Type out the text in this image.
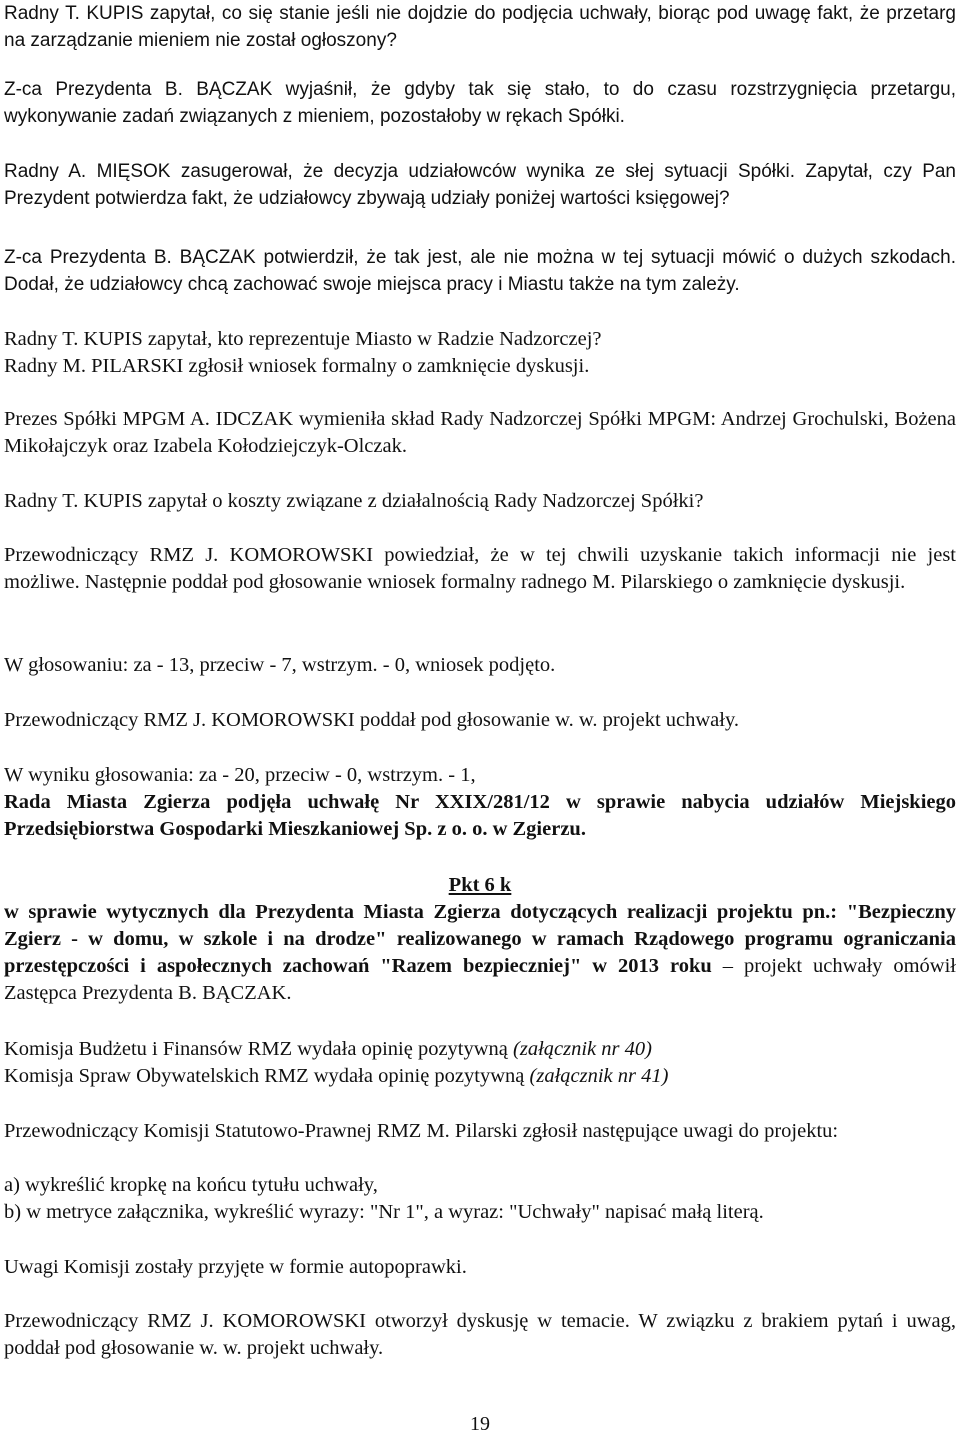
Radny T. KUPIS zapytał, co się stanie jeśli nie dojdzie do podjęcia uchwały, biorąc pod uwagę fakt, że przetarg na zarządzanie mieniem nie został ogłoszony?

Z-ca Prezydenta B. BĄCZAK wyjaśnił, że gdyby tak się stało, to do czasu rozstrzygnięcia przetargu, wykonywanie zadań związanych z mieniem, pozostałoby w rękach Spółki.

Radny A. MIĘSOK zasugerował, że decyzja udziałowców wynika ze słej sytuacji Spółki. Zapytał, czy Pan Prezydent potwierdza fakt, że udziałowcy zbywają udziały poniżej wartości księgowej?

Z-ca Prezydenta B. BĄCZAK potwierdził, że tak jest, ale nie można w tej sytuacji mówić o dużych szkodach. Dodał, że udziałowcy chcą zachować swoje miejsca pracy i Miastu także na tym zależy.

Radny T. KUPIS zapytał, kto reprezentuje Miasto w Radzie Nadzorczej?

Radny M. PILARSKI zgłosił wniosek formalny o zamknięcie dyskusji.

Prezes Spółki MPGM A. IDCZAK wymieniła skład Rady Nadzorczej Spółki MPGM: Andrzej Grochulski, Bożena Mikołajczyk oraz Izabela Kołodziejczyk-Olczak.

Radny T. KUPIS zapytał o koszty związane z działalnością Rady Nadzorczej Spółki?

Przewodniczący RMZ J. KOMOROWSKI powiedział, że w tej chwili uzyskanie takich informacji nie jest możliwe. Następnie poddał pod głosowanie wniosek formalny radnego M. Pilarskiego o zamknięcie dyskusji.

W głosowaniu: za - 13, przeciw - 7, wstrzym. - 0, wniosek podjęto.

Przewodniczący RMZ J. KOMOROWSKI poddał pod głosowanie w. w. projekt uchwały.

W wyniku głosowania: za - 20, przeciw - 0, wstrzym. - 1,

Rada Miasta Zgierza podjęła uchwałę Nr XXIX/281/12 w sprawie nabycia udziałów Miejskiego Przedsiębiorstwa Gospodarki Mieszkaniowej Sp. z o. o. w Zgierzu.

Pkt 6 k

w sprawie wytycznych dla Prezydenta Miasta Zgierza dotyczących realizacji projektu pn.: "Bezpieczny Zgierz - w domu, w szkole i na drodze" realizowanego w ramach Rządowego programu ograniczania przestępczości i aspołecznych zachowań "Razem bezpieczniej" w 2013 roku – projekt uchwały omówił Zastępca Prezydenta B. BĄCZAK.

Komisja Budżetu i Finansów RMZ wydała opinię pozytywną (załącznik nr 40)

Komisja Spraw Obywatelskich RMZ wydała opinię pozytywną (załącznik nr 41)

Przewodniczący Komisji Statutowo-Prawnej RMZ M. Pilarski zgłosił następujące uwagi do projektu:

a) wykreślić kropkę na końcu tytułu uchwały,

b) w metryce załącznika, wykreślić wyrazy: "Nr 1", a wyraz: "Uchwały" napisać małą literą.

Uwagi Komisji zostały przyjęte w formie autopoprawki.

Przewodniczący RMZ J. KOMOROWSKI otworzył dyskusję w temacie. W związku z brakiem pytań i uwag, poddał pod głosowanie w. w. projekt uchwały.

19
